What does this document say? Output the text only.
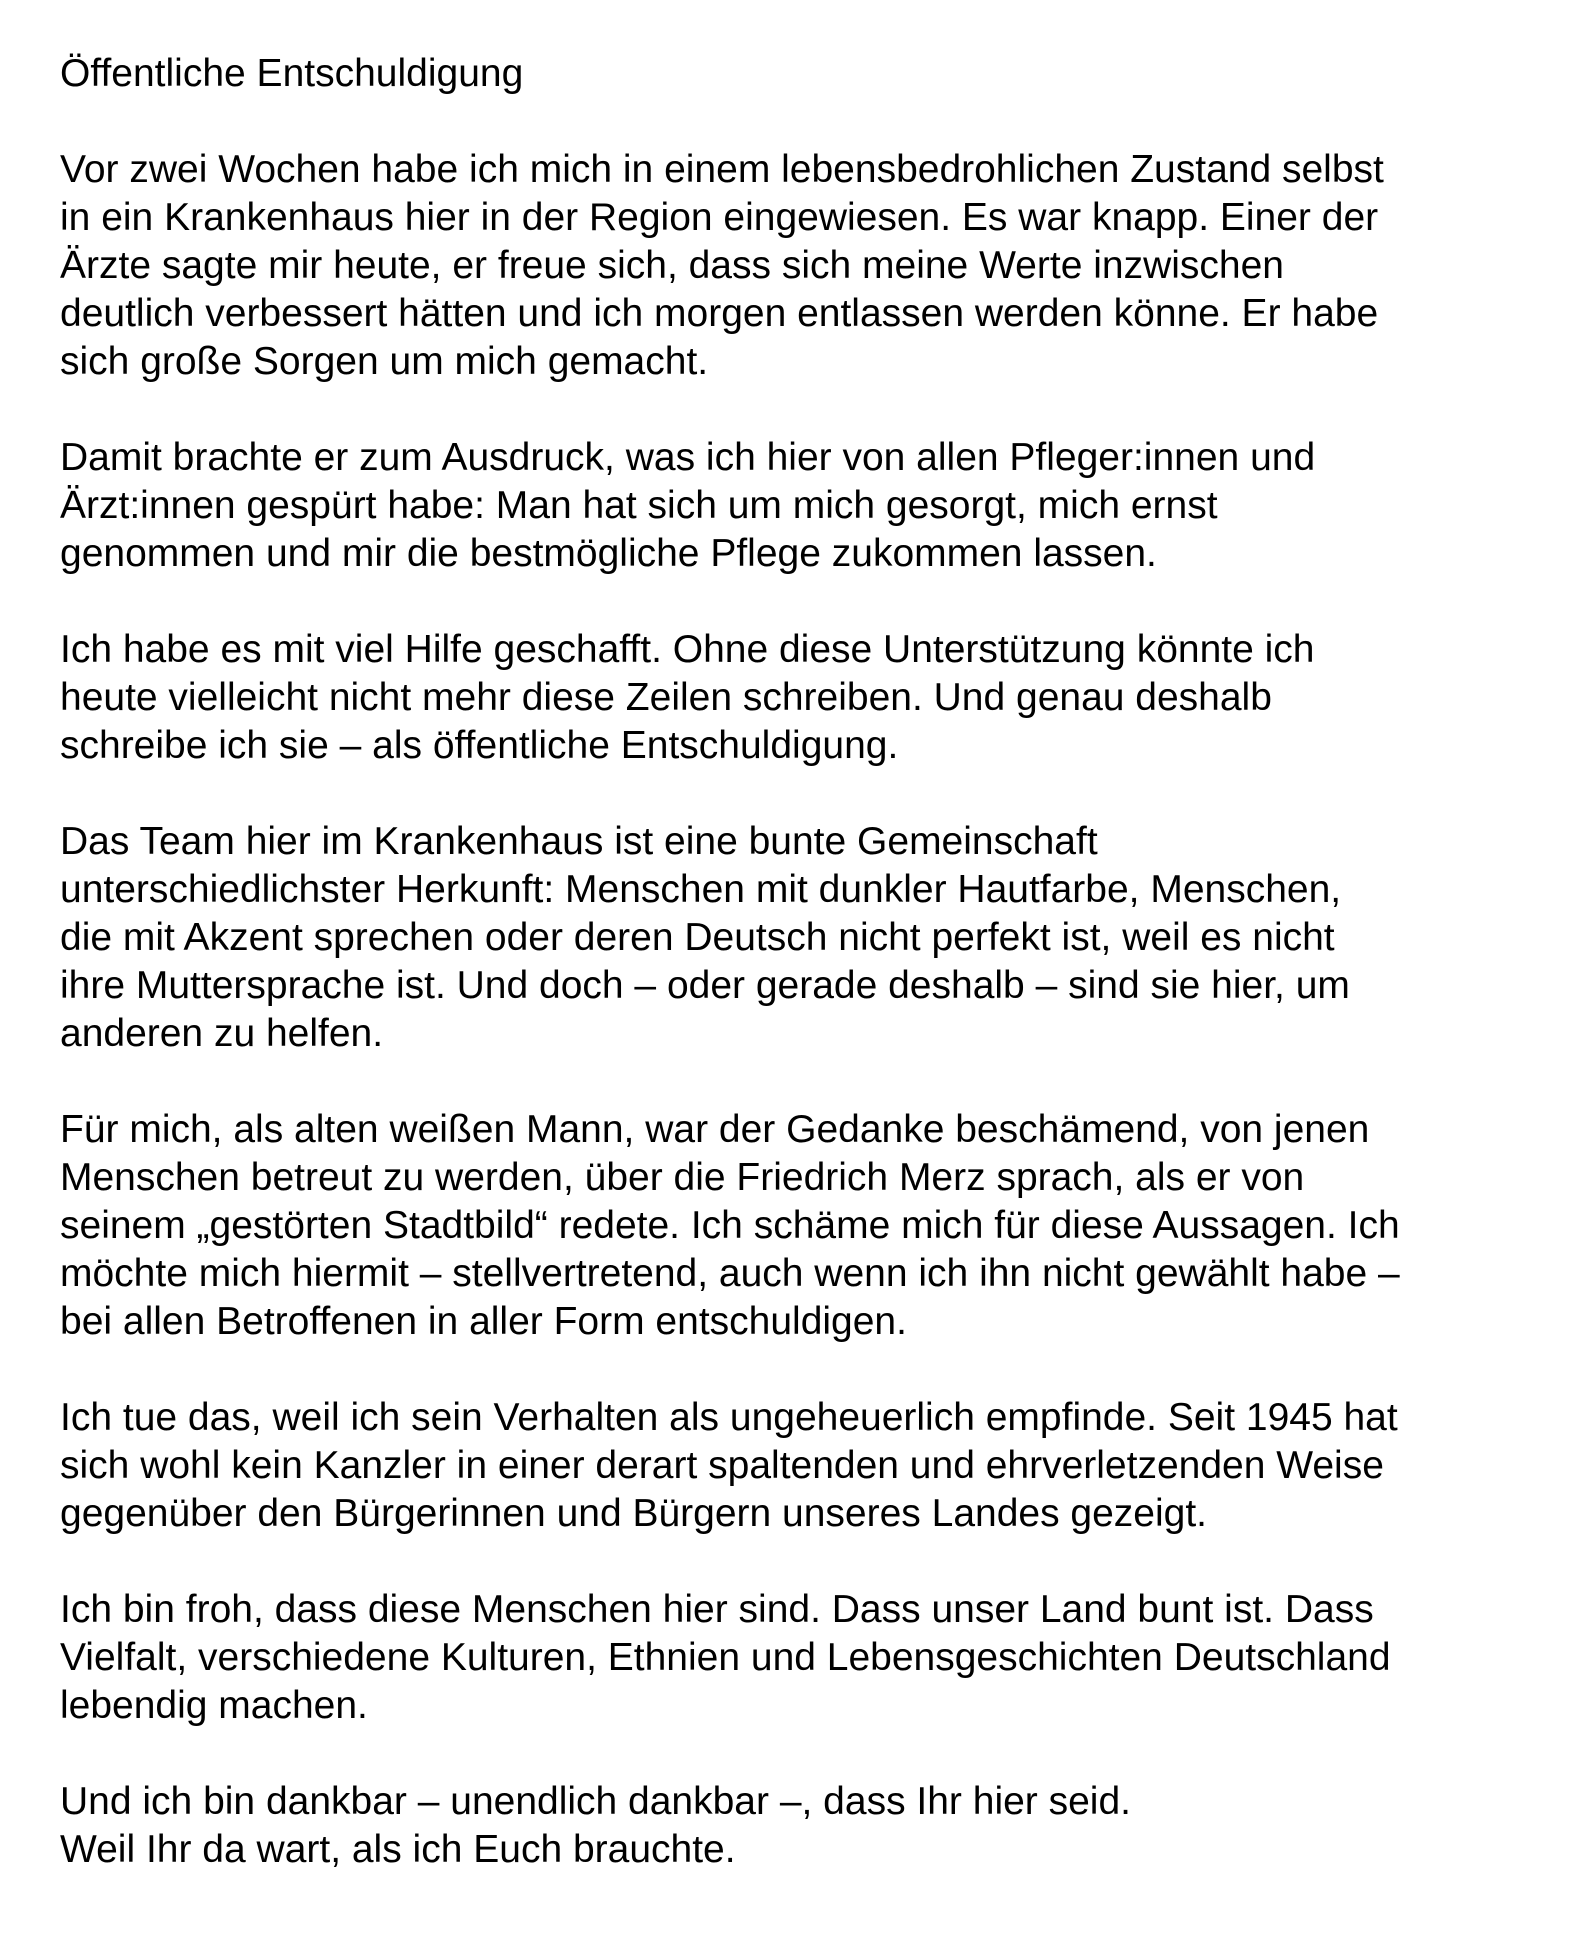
Öffentliche Entschuldigung
Vor zwei Wochen habe ich mich in einem lebensbedrohlichen Zustand selbst
in ein Krankenhaus hier in der Region eingewiesen. Es war knapp. Einer der
Ärzte sagte mir heute, er freue sich, dass sich meine Werte inzwischen
deutlich verbessert hätten und ich morgen entlassen werden könne. Er habe
sich große Sorgen um mich gemacht.
Damit brachte er zum Ausdruck, was ich hier von allen Pfleger:innen und
Ärzt:innen gespürt habe: Man hat sich um mich gesorgt, mich ernst
genommen und mir die bestmögliche Pflege zukommen lassen.
Ich habe es mit viel Hilfe geschafft. Ohne diese Unterstützung könnte ich
heute vielleicht nicht mehr diese Zeilen schreiben. Und genau deshalb
schreibe ich sie – als öffentliche Entschuldigung.
Das Team hier im Krankenhaus ist eine bunte Gemeinschaft
unterschiedlichster Herkunft: Menschen mit dunkler Hautfarbe, Menschen,
die mit Akzent sprechen oder deren Deutsch nicht perfekt ist, weil es nicht
ihre Muttersprache ist. Und doch – oder gerade deshalb – sind sie hier, um
anderen zu helfen.
Für mich, als alten weißen Mann, war der Gedanke beschämend, von jenen
Menschen betreut zu werden, über die Friedrich Merz sprach, als er von
seinem „gestörten Stadtbild“ redete. Ich schäme mich für diese Aussagen. Ich
möchte mich hiermit – stellvertretend, auch wenn ich ihn nicht gewählt habe –
bei allen Betroffenen in aller Form entschuldigen.
Ich tue das, weil ich sein Verhalten als ungeheuerlich empfinde. Seit 1945 hat
sich wohl kein Kanzler in einer derart spaltenden und ehrverletzenden Weise
gegenüber den Bürgerinnen und Bürgern unseres Landes gezeigt.
Ich bin froh, dass diese Menschen hier sind. Dass unser Land bunt ist. Dass
Vielfalt, verschiedene Kulturen, Ethnien und Lebensgeschichten Deutschland
lebendig machen.
Und ich bin dankbar – unendlich dankbar –, dass Ihr hier seid.
Weil Ihr da wart, als ich Euch brauchte.
